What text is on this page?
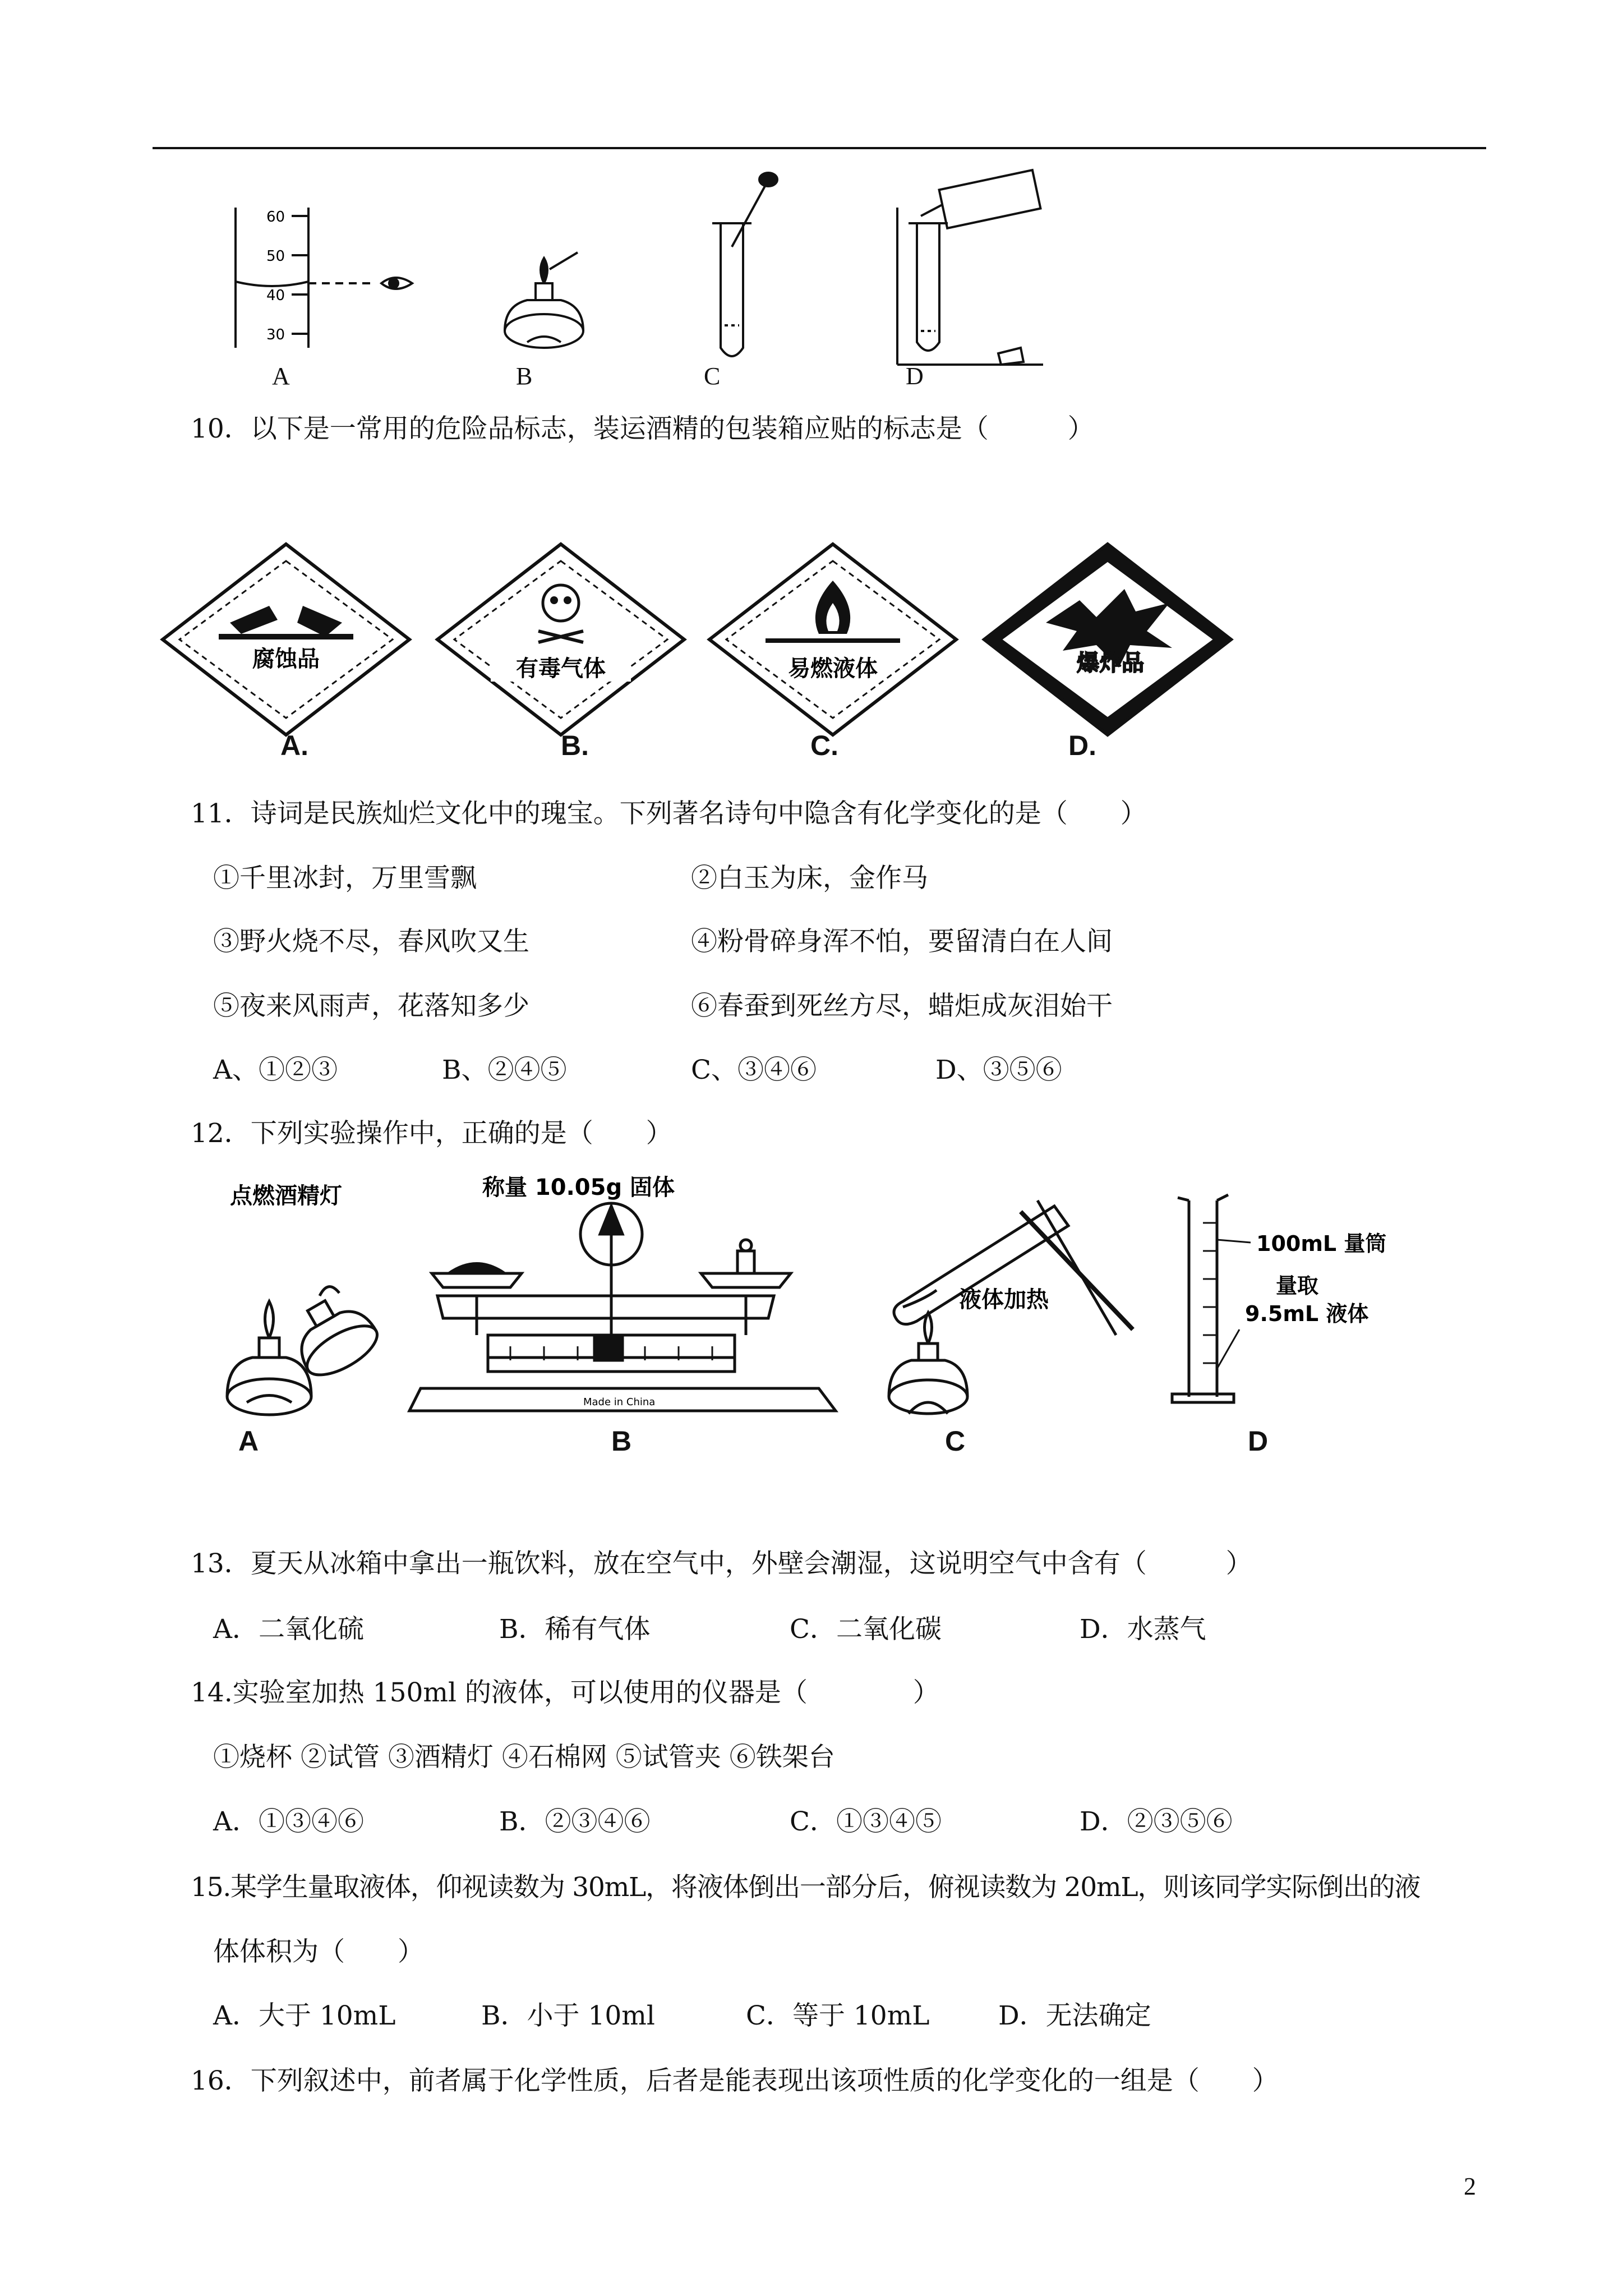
60
50
40
30
A	B	C	D
10．以下是一常用的危险品标志，装运酒精的包装箱应贴的标志是（　　　）
腐蚀品	有毒气体	易燃液体	爆炸品
A.	B.	C.	D.
11．诗词是民族灿烂文化中的瑰宝。下列著名诗句中隐含有化学变化的是（　　）
①千里冰封，万里雪飘	②白玉为床，金作马
③野火烧不尽，春风吹又生	④粉骨碎身浑不怕，要留清白在人间
⑤夜来风雨声，花落知多少	⑥春蚕到死丝方尽，蜡炬成灰泪始干
A、①②③	B、②④⑤	C、③④⑥	D、③⑤⑥
12．下列实验操作中，正确的是（　　）
点燃酒精灯	称量 10.05g 固体
Made in China
液体加热
100mL 量筒
量取
9.5mL 液体
A	B	C	D
13．夏天从冰箱中拿出一瓶饮料，放在空气中，外壁会潮湿，这说明空气中含有（　　　）
A．二氧化硫	B．稀有气体	C．二氧化碳	D．水蒸气
14.实验室加热 150ml 的液体，可以使用的仪器是（　　　　）
①烧杯 ②试管 ③酒精灯 ④石棉网 ⑤试管夹 ⑥铁架台
A．①③④⑥	B．②③④⑥	C．①③④⑤	D．②③⑤⑥
15.某学生量取液体，仰视读数为 30mL，将液体倒出一部分后，俯视读数为 20mL，则该同学实际倒出的液
体体积为（　　）
A．大于 10mL	B．小于 10ml	C．等于 10mL	D．无法确定
16．下列叙述中，前者属于化学性质，后者是能表现出该项性质的化学变化的一组是（　　）
2
